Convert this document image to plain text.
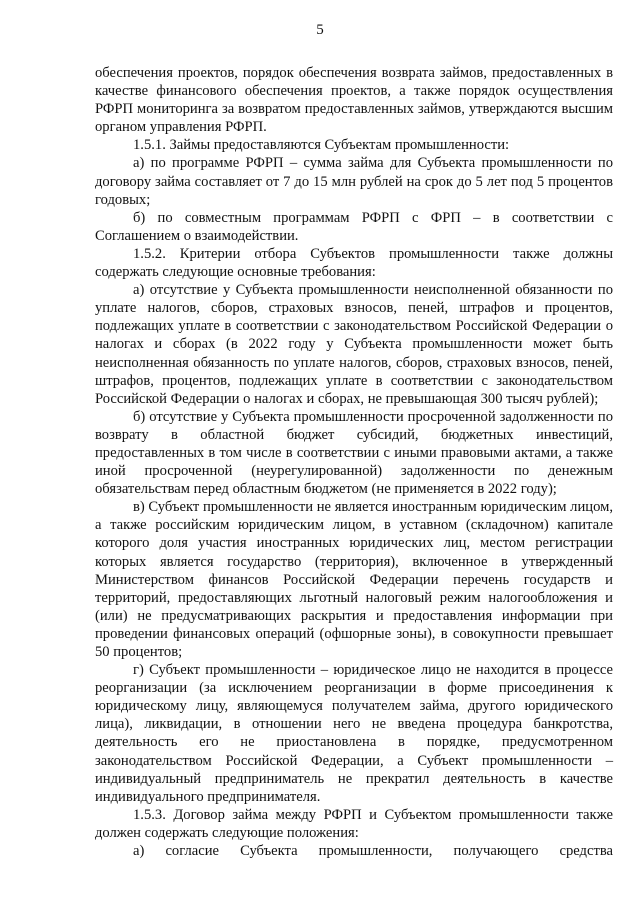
5

обеспечения проектов, порядок обеспечения возврата займов, предоставленных в качестве финансового обеспечения проектов, а также порядок осуществления РФРП мониторинга за возвратом предоставленных займов, утверждаются высшим органом управления РФРП.

1.5.1. Займы предоставляются Субъектам промышленности:

а) по программе РФРП – сумма займа для Субъекта промышленности по договору займа составляет от 7 до 15 млн рублей на срок до 5 лет под 5 процентов годовых;

б) по совместным программам РФРП с ФРП – в соответствии с Соглашением о взаимодействии.

1.5.2. Критерии отбора Субъектов промышленности также должны содержать следующие основные требования:

а) отсутствие у Субъекта промышленности неисполненной обязанности по уплате налогов, сборов, страховых взносов, пеней, штрафов и процентов, подлежащих уплате в соответствии с законодательством Российской Федерации о налогах и сборах (в 2022 году у Субъекта промышленности может быть неисполненная обязанность по уплате налогов, сборов, страховых взносов, пеней, штрафов, процентов, подлежащих уплате в соответствии с законодательством Российской Федерации о налогах и сборах, не превышающая 300 тысяч рублей);

б) отсутствие у Субъекта промышленности просроченной задолженности по возврату в областной бюджет субсидий, бюджетных инвестиций, предоставленных в том числе в соответствии с иными правовыми актами, а также иной просроченной (неурегулированной) задолженности по денежным обязательствам перед областным бюджетом (не применяется в 2022 году);

в) Субъект промышленности не является иностранным юридическим лицом, а также российским юридическим лицом, в уставном (складочном) капитале которого доля участия иностранных юридических лиц, местом регистрации которых является государство (территория), включенное в утвержденный Министерством финансов Российской Федерации перечень государств и территорий, предоставляющих льготный налоговый режим налогообложения и (или) не предусматривающих раскрытия и предоставления информации при проведении финансовых операций (офшорные зоны), в совокупности превышает 50 процентов;

г) Субъект промышленности – юридическое лицо не находится в процессе реорганизации (за исключением реорганизации в форме присоединения к юридическому лицу, являющемуся получателем займа, другого юридического лица), ликвидации, в отношении него не введена процедура банкротства, деятельность его не приостановлена в порядке, предусмотренном законодательством Российской Федерации, а Субъект промышленности – индивидуальный предприниматель не прекратил деятельность в качестве индивидуального предпринимателя.

1.5.3. Договор займа между РФРП и Субъектом промышленности также должен содержать следующие положения:

а) согласие Субъекта промышленности, получающего средства
